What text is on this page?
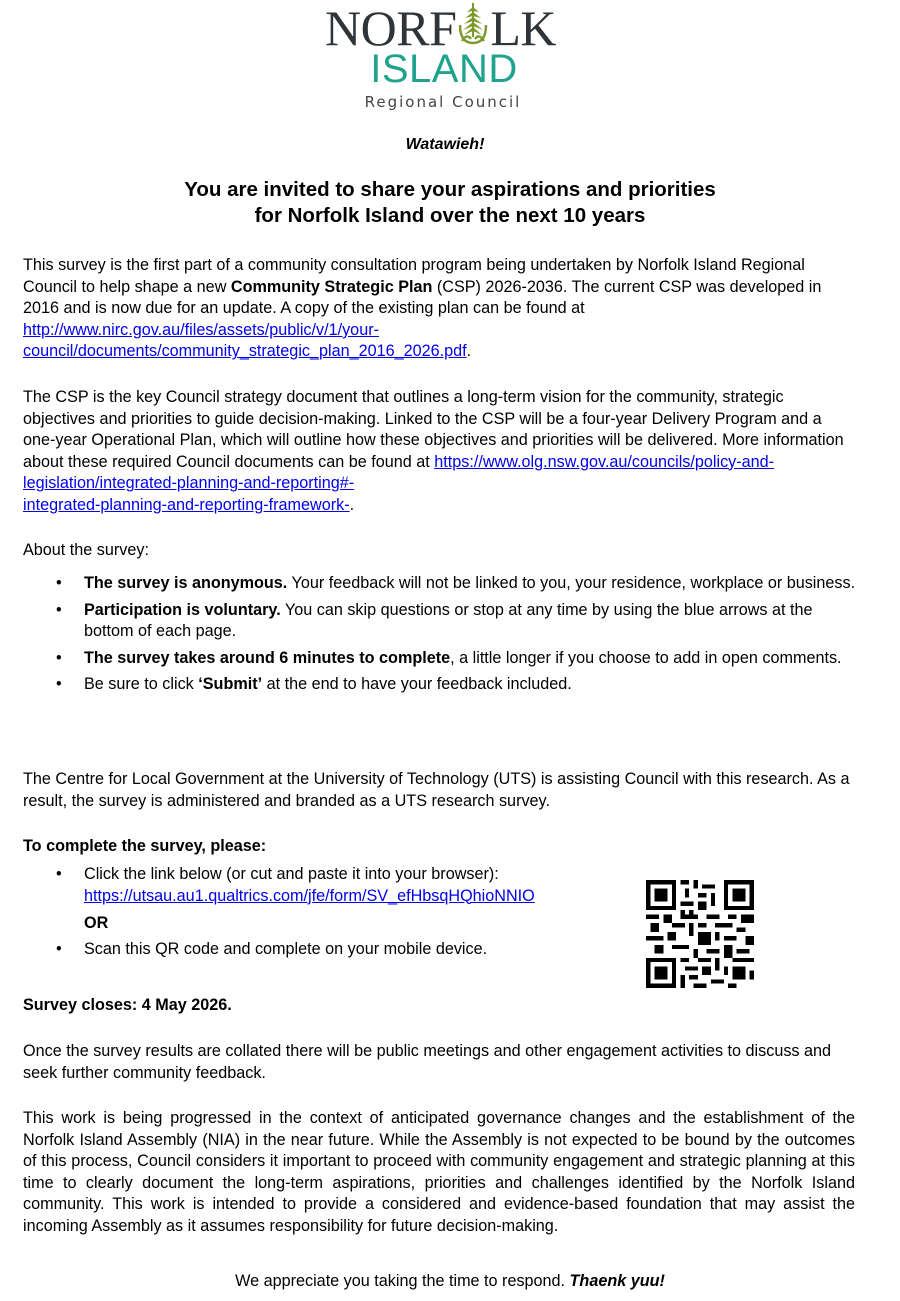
NORF LK
ISLAND
Regional Council
Watawieh!
You are invited to share your aspirations and priorities
for Norfolk Island over the next 10 years

This survey is the first part of a community consultation program being undertaken by Norfolk Island Regional Council to help shape a new Community Strategic Plan (CSP) 2026-2036. The current CSP was developed in 2016 and is now due for an update. A copy of the existing plan can be found at http://www.nirc.gov.au/files/assets/public/v/1/your-
council/documents/community_strategic_plan_2016_2026.pdf.

The CSP is the key Council strategy document that outlines a long-term vision for the community, strategic objectives and priorities to guide decision-making. Linked to the CSP will be a four-year Delivery Program and a one-year Operational Plan, which will outline how these objectives and priorities will be delivered. More information about these required Council documents can be found at https://www.olg.nsw.gov.au/councils/policy-and-legislation/integrated-planning-and-reporting#-
integrated-planning-and-reporting-framework-.

About the survey:

• The survey is anonymous. Your feedback will not be linked to you, your residence, workplace or business.
• Participation is voluntary. You can skip questions or stop at any time by using the blue arrows at the bottom of each page.
• The survey takes around 6 minutes to complete, a little longer if you choose to add in open comments.
• Be sure to click ‘Submit’ at the end to have your feedback included.

The Centre for Local Government at the University of Technology (UTS) is assisting Council with this research. As a result, the survey is administered and branded as a UTS research survey.

To complete the survey, please:

• Click the link below (or cut and paste it into your browser):
https://utsau.au1.qualtrics.com/jfe/form/SV_efHbsqHQhioNNIO
OR
• Scan this QR code and complete on your mobile device.

Survey closes: 4 May 2026.

Once the survey results are collated there will be public meetings and other engagement activities to discuss and seek further community feedback.

This work is being progressed in the context of anticipated governance changes and the establishment of the Norfolk Island Assembly (NIA) in the near future. While the Assembly is not expected to be bound by the outcomes of this process, Council considers it important to proceed with community engagement and strategic planning at this time to clearly document the long-term aspirations, priorities and challenges identified by the Norfolk Island community. This work is intended to provide a considered and evidence-based foundation that may assist the incoming Assembly as it assumes responsibility for future decision-making.

We appreciate you taking the time to respond. Thaenk yuu!
